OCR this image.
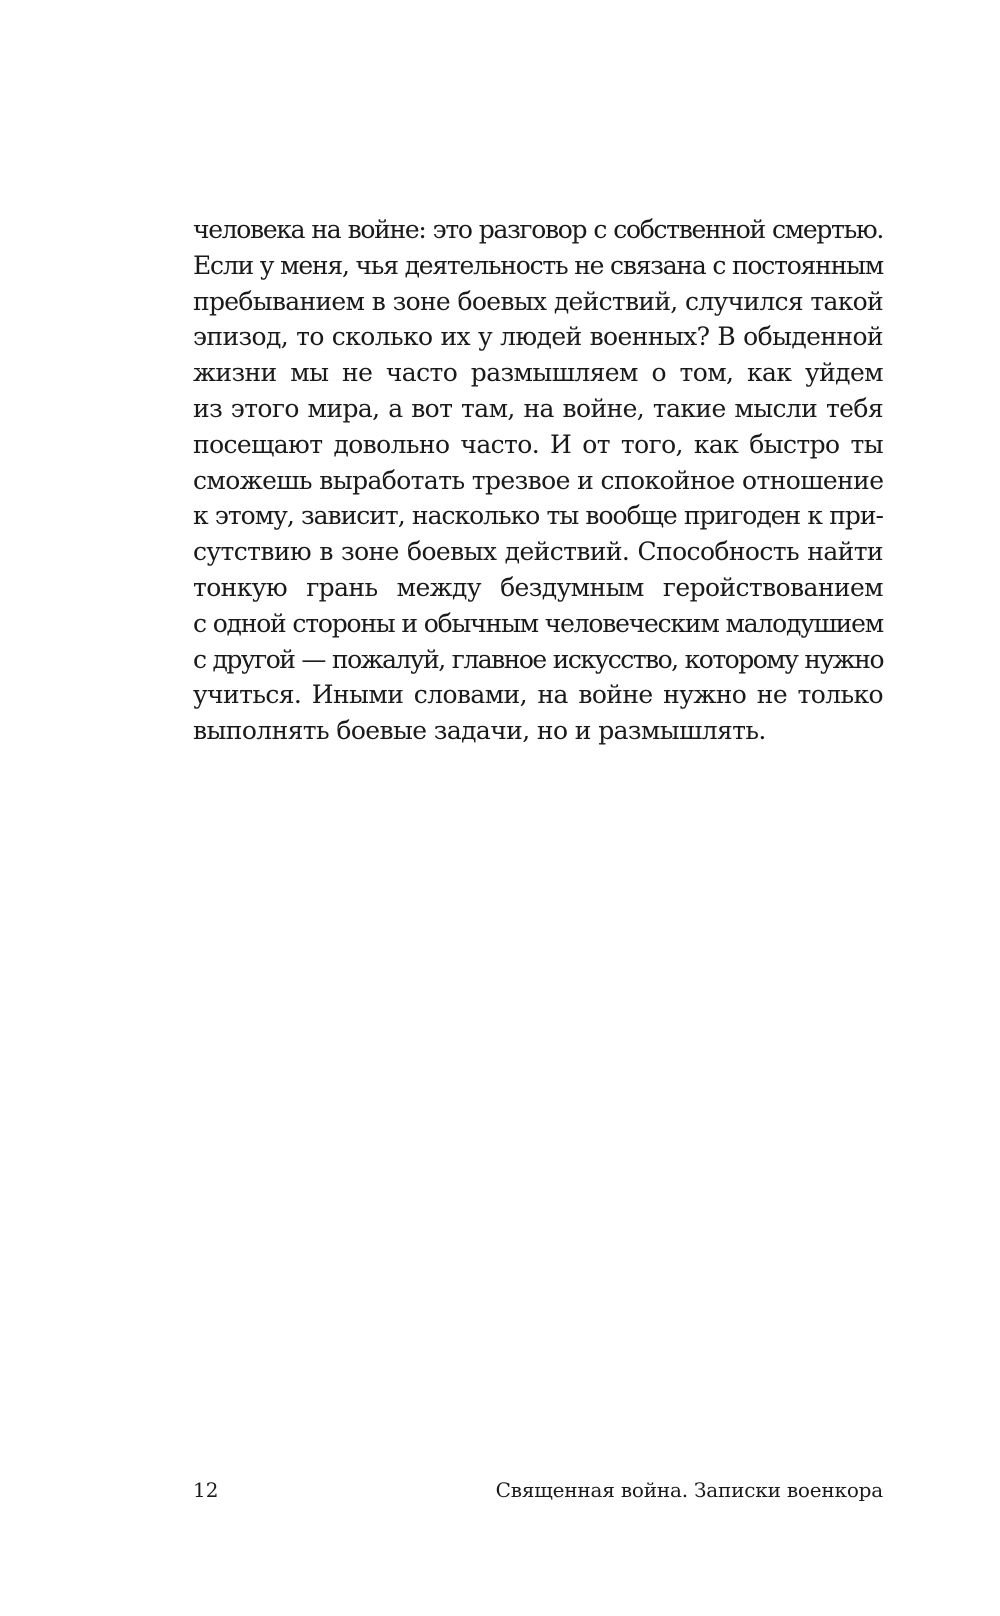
человека на войне: это разговор с собственной смертью.
Если у меня, чья деятельность не связана с постоянным
пребыванием в зоне боевых действий, случился такой
эпизод, то сколько их у людей военных? В обыденной
жизни мы не часто размышляем о том, как уйдем
из этого мира, а вот там, на войне, такие мысли тебя
посещают довольно часто. И от того, как быстро ты
сможешь выработать трезвое и спокойное отношение
к этому, зависит, насколько ты вообще пригоден к при-
сутствию в зоне боевых действий. Способность найти
тонкую грань между бездумным геройствованием
с одной стороны и обычным человеческим малодушием
с другой — пожалуй, главное искусство, которому нужно
учиться. Иными словами, на войне нужно не только
выполнять боевые задачи, но и размышлять.
12	Священная война. Записки военкора
